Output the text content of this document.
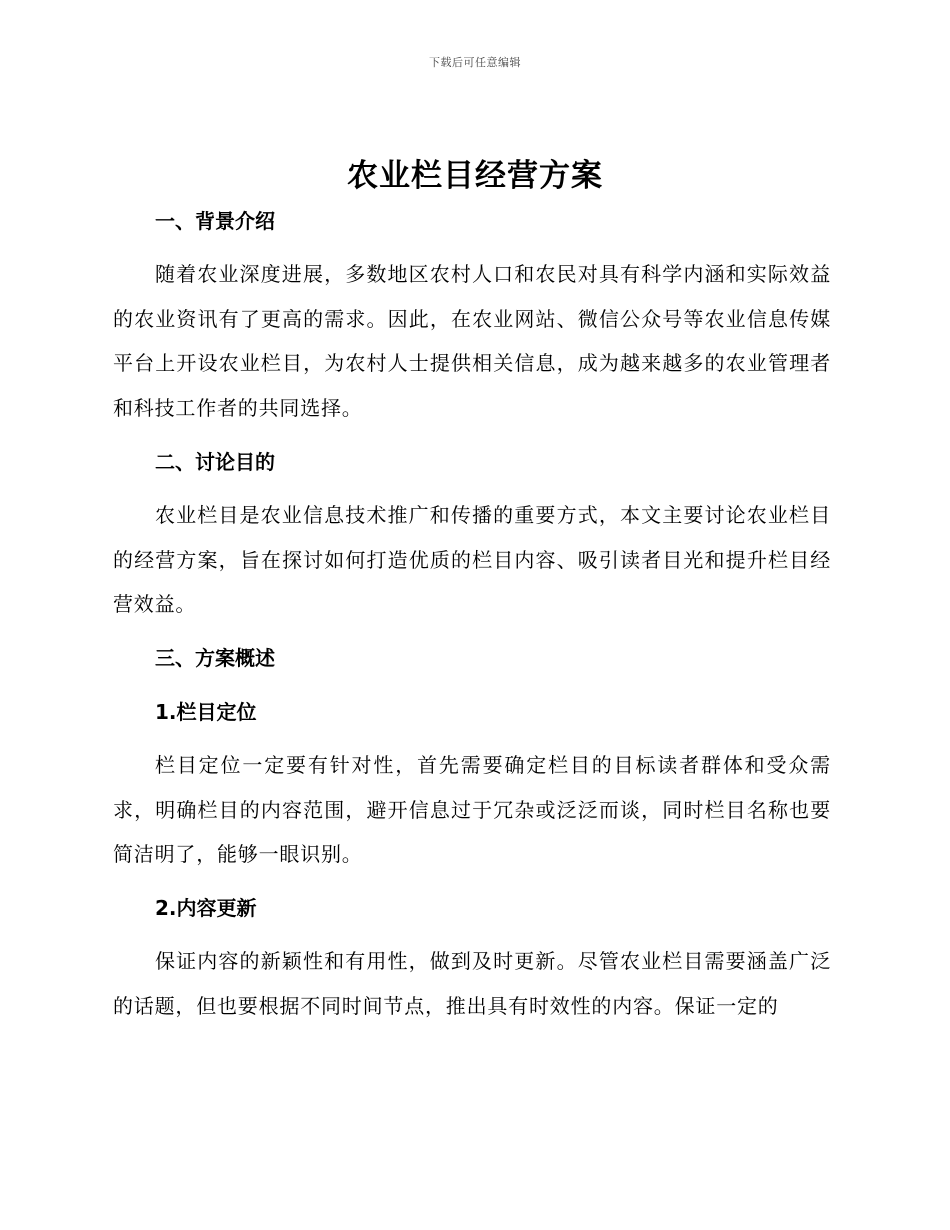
下载后可任意编辑
农业栏目经营方案
一、背景介绍

随着农业深度进展，多数地区农村人口和农民对具有科学内涵和实际效益的农业资讯有了更高的需求。因此，在农业网站、微信公众号等农业信息传媒平台上开设农业栏目，为农村人士提供相关信息，成为越来越多的农业管理者和科技工作者的共同选择。

二、讨论目的

农业栏目是农业信息技术推广和传播的重要方式，本文主要讨论农业栏目的经营方案，旨在探讨如何打造优质的栏目内容、吸引读者目光和提升栏目经营效益。

三、方案概述
1.栏目定位

栏目定位一定要有针对性，首先需要确定栏目的目标读者群体和受众需求，明确栏目的内容范围，避开信息过于冗杂或泛泛而谈，同时栏目名称也要简洁明了，能够一眼识别。

2.内容更新

保证内容的新颖性和有用性，做到及时更新。尽管农业栏目需要涵盖广泛的话题，但也要根据不同时间节点，推出具有时效性的内容。保证一定的
